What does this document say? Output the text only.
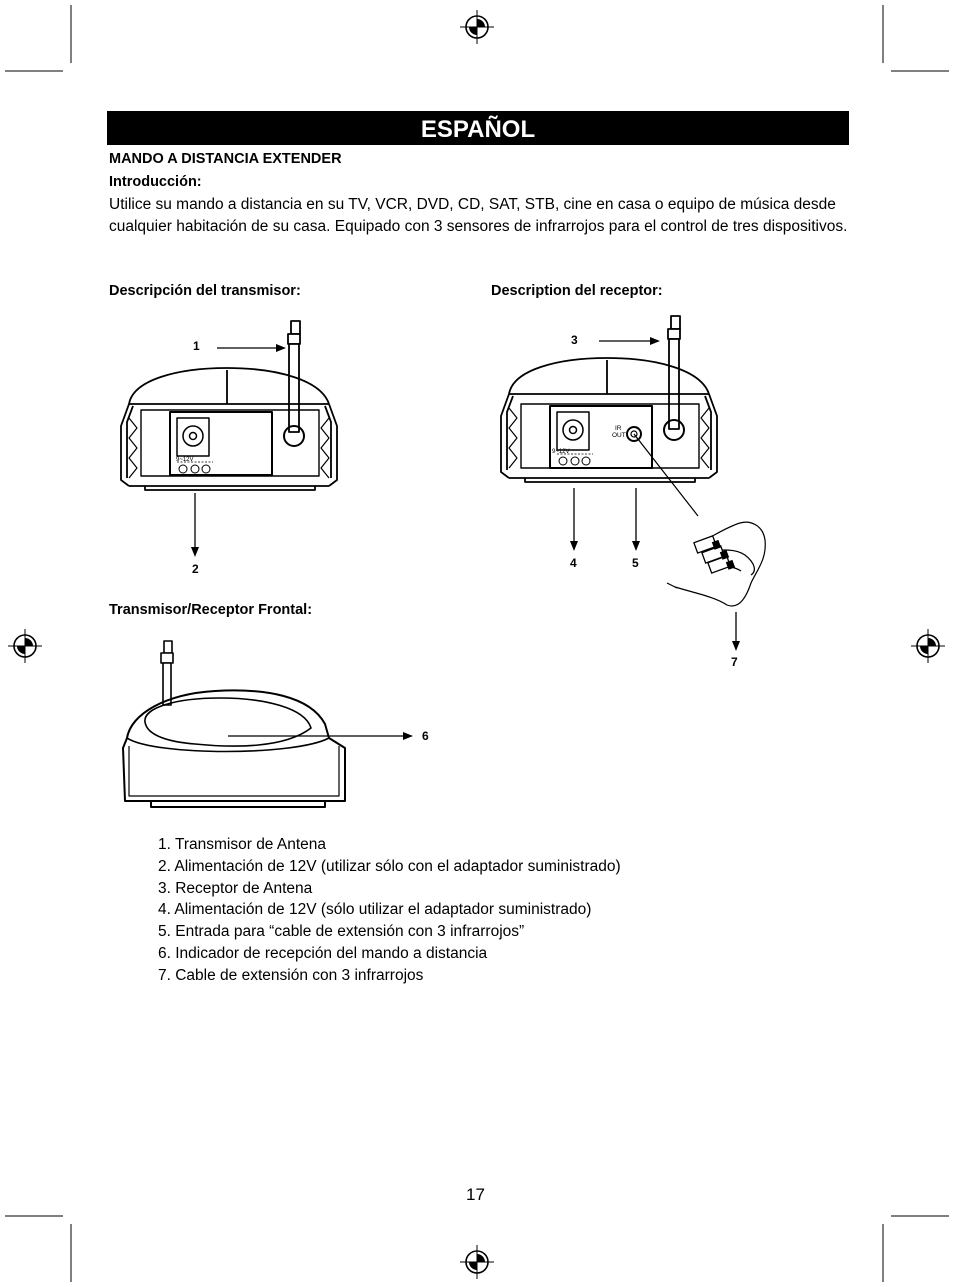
ESPAÑOL
MANDO A DISTANCIA EXTENDER
Introducción:
Utilice su mando a distancia en su TV, VCR, DVD, CD, SAT, STB, cine en casa o equipo de música desde cualquier habitación de su casa. Equipado con 3 sensores de infrarrojos para el control de tres dispositivos.
Descripción del transmisor:	Description del receptor:
9~12V
1
2
IR
OUT
9~12V
3
4	5
7
Transmisor/Receptor Frontal:
6
1. Transmisor de Antena
2. Alimentación de 12V (utilizar sólo con el adaptador suministrado)
3. Receptor de Antena
4. Alimentación de 12V (sólo utilizar el adaptador suministrado)
5. Entrada para “cable de extensión con 3 infrarrojos”
6. Indicador de recepción del mando a distancia
7. Cable de extensión con 3 infrarrojos
17
